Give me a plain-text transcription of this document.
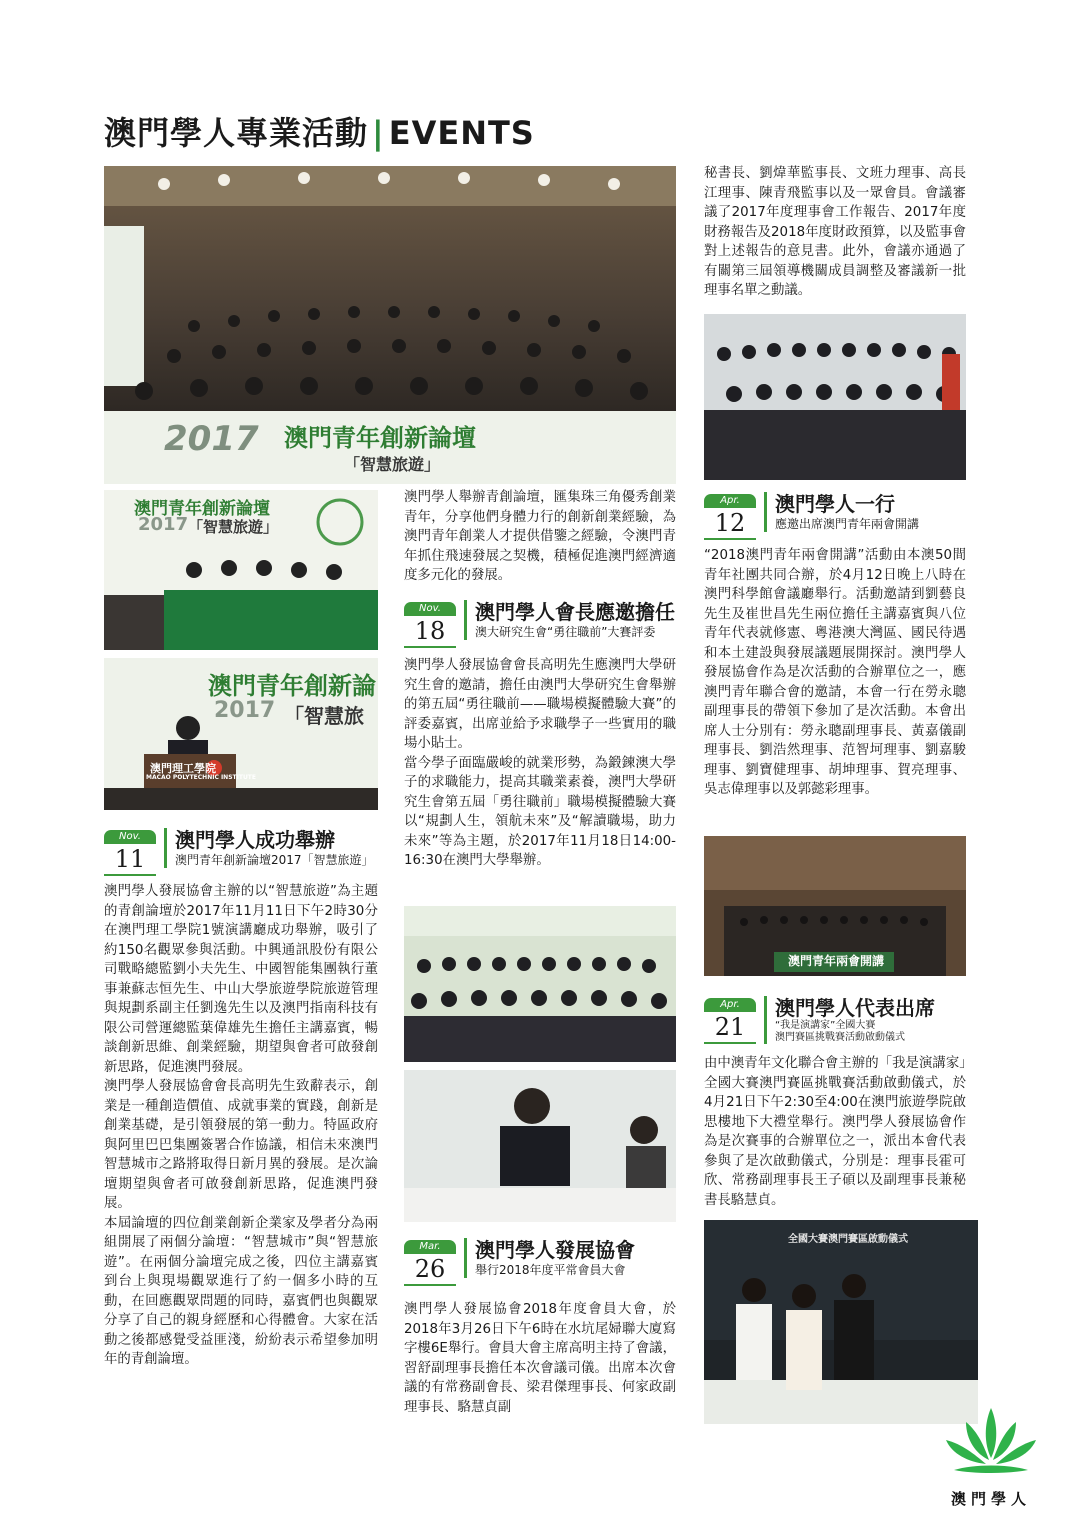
澳門學人專業活動 | EVENTS
2017 澳門青年創新論壇
「智慧旅遊」
澳門青年創新論壇
2017 「智慧旅遊」
澳門青年創新論
2017 「智慧旅
澳門理工學院
MACAO POLYTECHNIC INSTITUTE
Nov.
11
澳門學人成功舉辦
澳門青年創新論壇2017「智慧旅遊」

澳門學人發展協會主辦的以“智慧旅遊”為主題的青創論壇於2017年11月11日下午2時30分在澳門理工學院1號演講廳成功舉辦，吸引了約150名觀眾參與活動。中興通訊股份有限公司戰略總監劉小夫先生、中國智能集團執行董事兼蘇志恒先生、中山大學旅遊學院旅遊管理與規劃系副主任劉逸先生以及澳門指南科技有限公司營運總監葉偉雄先生擔任主講嘉賓，暢談創新思維、創業經驗，期望與會者可啟發創新思路，促進澳門發展。

澳門學人發展協會會長高明先生致辭表示，創業是一種創造價值、成就事業的實踐，創新是創業基礎，是引領發展的第一動力。特區政府與阿里巴巴集團簽署合作協議，相信未來澳門智慧城市之路將取得日新月異的發展。是次論壇期望與會者可啟發創新思路，促進澳門發展。

本屆論壇的四位創業創新企業家及學者分為兩組開展了兩個分論壇：“智慧城市”與“智慧旅遊”。在兩個分論壇完成之後，四位主講嘉賓到台上與現場觀眾進行了約一個多小時的互動，在回應觀眾問題的同時，嘉賓們也與觀眾分享了自己的親身經歷和心得體會。大家在活動之後都感覺受益匪淺，紛紛表示希望參加明年的青創論壇。

澳門學人舉辦青創論壇，匯集珠三角優秀創業青年，分享他們身體力行的創新創業經驗，為澳門青年創業人才提供借鑒之經驗，令澳門青年抓住飛速發展之契機，積極促進澳門經濟適度多元化的發展。

Nov.
18
澳門學人會長應邀擔任
澳大研究生會“勇往職前”大賽評委

澳門學人發展協會會長高明先生應澳門大學研究生會的邀請，擔任由澳門大學研究生會舉辦的第五屆“勇往職前——職場模擬體驗大賽”的評委嘉賓，出席並給予求職學子一些實用的職場小貼士。

當今學子面臨嚴峻的就業形勢，為鍛鍊澳大學子的求職能力，提高其職業素養，澳門大學研究生會第五屆「勇往職前」職場模擬體驗大賽以“規劃人生，領航未來”及“解讀職場，助力未來”等為主題，於2017年11月18日14:00-16:30在澳門大學舉辦。

Mar.
26
澳門學人發展協會
舉行2018年度平常會員大會

澳門學人發展協會2018年度會員大會，於2018年3月26日下午6時在水坑尾婦聯大廈寫字樓6E舉行。會員大會主席高明主持了會議，習舒副理事長擔任本次會議司儀。出席本次會議的有常務副會長、梁君傑理事長、何家政副理事長、駱慧貞副

秘書長、劉煒華監事長、文班力理事、高長江理事、陳青飛監事以及一眾會員。會議審議了2017年度理事會工作報告、2017年度財務報告及2018年度財政預算，以及監事會對上述報告的意見書。此外，會議亦通過了有關第三屆領導機關成員調整及審議新一批理事名單之動議。

Apr.
12
澳門學人一行
應邀出席澳門青年兩會開講

“2018澳門青年兩會開講”活動由本澳50間青年社團共同合辦，於4月12日晚上八時在澳門科學館會議廳舉行。活動邀請到劉藝良先生及崔世昌先生兩位擔任主講嘉賓與八位青年代表就修憲、粵港澳大灣區、國民待遇和本土建設與發展議題展開探討。澳門學人發展協會作為是次活動的合辦單位之一，應澳門青年聯合會的邀請，本會一行在勞永聰副理事長的帶領下參加了是次活動。本會出席人士分別有：勞永聰副理事長、黃嘉儀副理事長、劉浩然理事、范智坷理事、劉嘉駿理事、劉寶健理事、胡坤理事、賀亮理事、吳志偉理事以及郭懿彩理事。

澳門青年兩會開講
Apr.
21
澳門學人代表出席
“我是演講家”全國大賽
澳門賽區挑戰賽活動啟動儀式

由中澳青年文化聯合會主辦的「我是演講家」全國大賽澳門賽區挑戰賽活動啟動儀式，於4月21日下午2:30至4:00在澳門旅遊學院啟思樓地下大禮堂舉行。澳門學人發展協會作為是次賽事的合辦單位之一，派出本會代表參與了是次啟動儀式，分別是：理事長霍可欣、常務副理事長王子碩以及副理事長兼秘書長駱慧貞。

全國大賽澳門賽區啟動儀式
澳門學人
